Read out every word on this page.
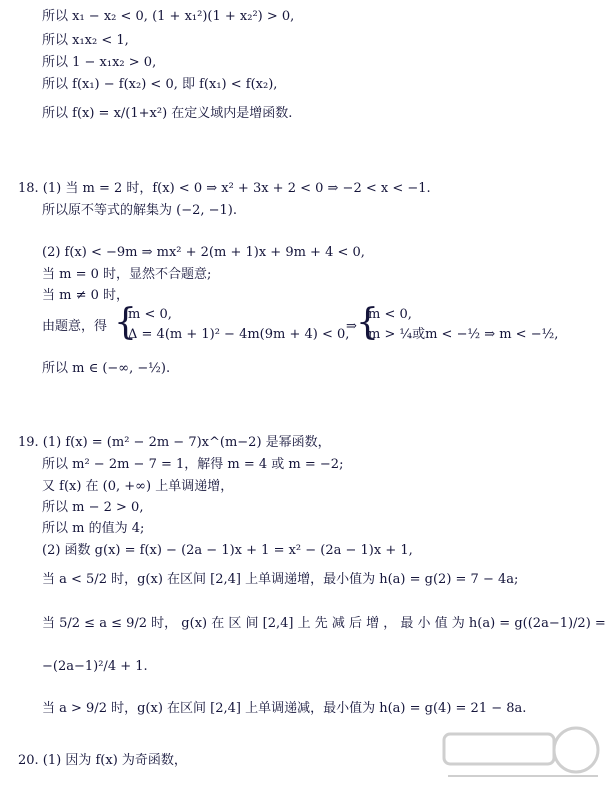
所以 x₁ − x₂ < 0, (1 + x₁²)(1 + x₂²) > 0,
所以 x₁x₂ < 1,
所以 1 − x₁x₂ > 0,
所以 f(x₁) − f(x₂) < 0, 即 f(x₁) < f(x₂),
所以 f(x) = x/(1+x²) 在定义域内是增函数.
18. (1) 当 m = 2 时，f(x) < 0 ⇒ x² + 3x + 2 < 0 ⇒ −2 < x < −1.
所以原不等式的解集为 (−2, −1).
(2) f(x) < −9m ⇒ mx² + 2(m + 1)x + 9m + 4 < 0,
当 m = 0 时，显然不合题意;
当 m ≠ 0 时，
由题意，得 {
m < 0,
Δ = 4(m + 1)² − 4m(9m + 4) < 0,
⇒ {
m < 0,
m > ¼或m < −½ ⇒ m < −½,
所以 m ∈ (−∞, −½).
19. (1) f(x) = (m² − 2m − 7)x^(m−2) 是幂函数，
所以 m² − 2m − 7 = 1，解得 m = 4 或 m = −2;
又 f(x) 在 (0, +∞) 上单调递增，
所以 m − 2 > 0,
所以 m 的值为 4;
(2) 函数 g(x) = f(x) − (2a − 1)x + 1 = x² − (2a − 1)x + 1,
当 a < 5/2 时，g(x) 在区间 [2,4] 上单调递增，最小值为 h(a) = g(2) = 7 − 4a;
当 5/2 ≤ a ≤ 9/2 时， g(x) 在 区 间 [2,4] 上 先 减 后 增 ， 最 小 值 为 h(a) = g((2a−1)/2) =
−(2a−1)²/4 + 1.
当 a > 9/2 时，g(x) 在区间 [2,4] 上单调递减，最小值为 h(a) = g(4) = 21 − 8a.
20. (1) 因为 f(x) 为奇函数，
